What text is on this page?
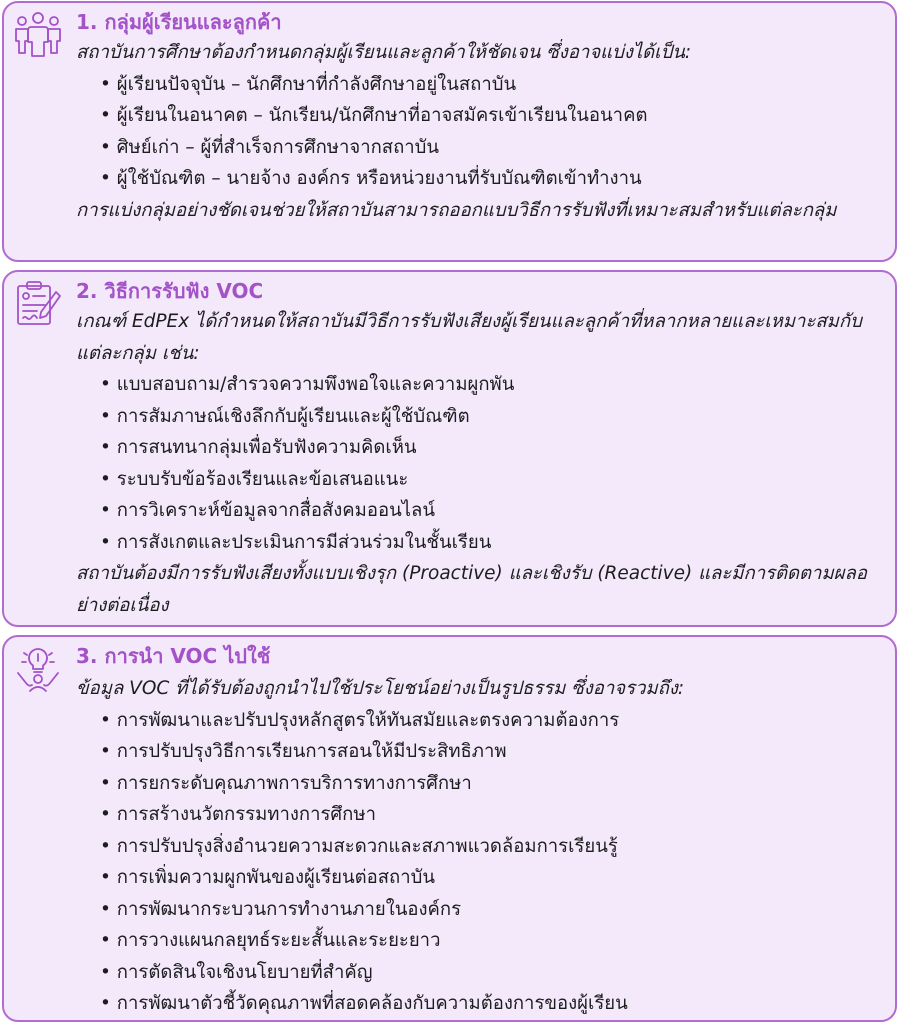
1. กลุ่มผู้เรียนและลูกค้า

สถาบันการศึกษาต้องกำหนดกลุ่มผู้เรียนและลูกค้าให้ชัดเจน ซึ่งอาจแบ่งได้เป็น:

• ผู้เรียนปัจจุบัน – นักศึกษาที่กำลังศึกษาอยู่ในสถาบัน
• ผู้เรียนในอนาคต – นักเรียน/นักศึกษาที่อาจสมัครเข้าเรียนในอนาคต
• ศิษย์เก่า – ผู้ที่สำเร็จการศึกษาจากสถาบัน
• ผู้ใช้บัณฑิต – นายจ้าง องค์กร หรือหน่วยงานที่รับบัณฑิตเข้าทำงาน

การแบ่งกลุ่มอย่างชัดเจนช่วยให้สถาบันสามารถออกแบบวิธีการรับฟังที่เหมาะสมสำหรับแต่ละกลุ่ม

2. วิธีการรับฟัง VOC

เกณฑ์ EdPEx ได้กำหนดให้สถาบันมีวิธีการรับฟังเสียงผู้เรียนและลูกค้าที่หลากหลายและเหมาะสมกับแต่ละกลุ่ม เช่น:

• แบบสอบถาม/สำรวจความพึงพอใจและความผูกพัน
• การสัมภาษณ์เชิงลึกกับผู้เรียนและผู้ใช้บัณฑิต
• การสนทนากลุ่มเพื่อรับฟังความคิดเห็น
• ระบบรับข้อร้องเรียนและข้อเสนอแนะ
• การวิเคราะห์ข้อมูลจากสื่อสังคมออนไลน์
• การสังเกตและประเมินการมีส่วนร่วมในชั้นเรียน

สถาบันต้องมีการรับฟังเสียงทั้งแบบเชิงรุก (Proactive) และเชิงรับ (Reactive) และมีการติดตามผลอย่างต่อเนื่อง

3. การนำ VOC ไปใช้

ข้อมูล VOC ที่ได้รับต้องถูกนำไปใช้ประโยชน์อย่างเป็นรูปธรรม ซึ่งอาจรวมถึง:

• การพัฒนาและปรับปรุงหลักสูตรให้ทันสมัยและตรงความต้องการ
• การปรับปรุงวิธีการเรียนการสอนให้มีประสิทธิภาพ
• การยกระดับคุณภาพการบริการทางการศึกษา
• การสร้างนวัตกรรมทางการศึกษา
• การปรับปรุงสิ่งอำนวยความสะดวกและสภาพแวดล้อมการเรียนรู้
• การเพิ่มความผูกพันของผู้เรียนต่อสถาบัน
• การพัฒนากระบวนการทำงานภายในองค์กร
• การวางแผนกลยุทธ์ระยะสั้นและระยะยาว
• การตัดสินใจเชิงนโยบายที่สำคัญ
• การพัฒนาตัวชี้วัดคุณภาพที่สอดคล้องกับความต้องการของผู้เรียน
